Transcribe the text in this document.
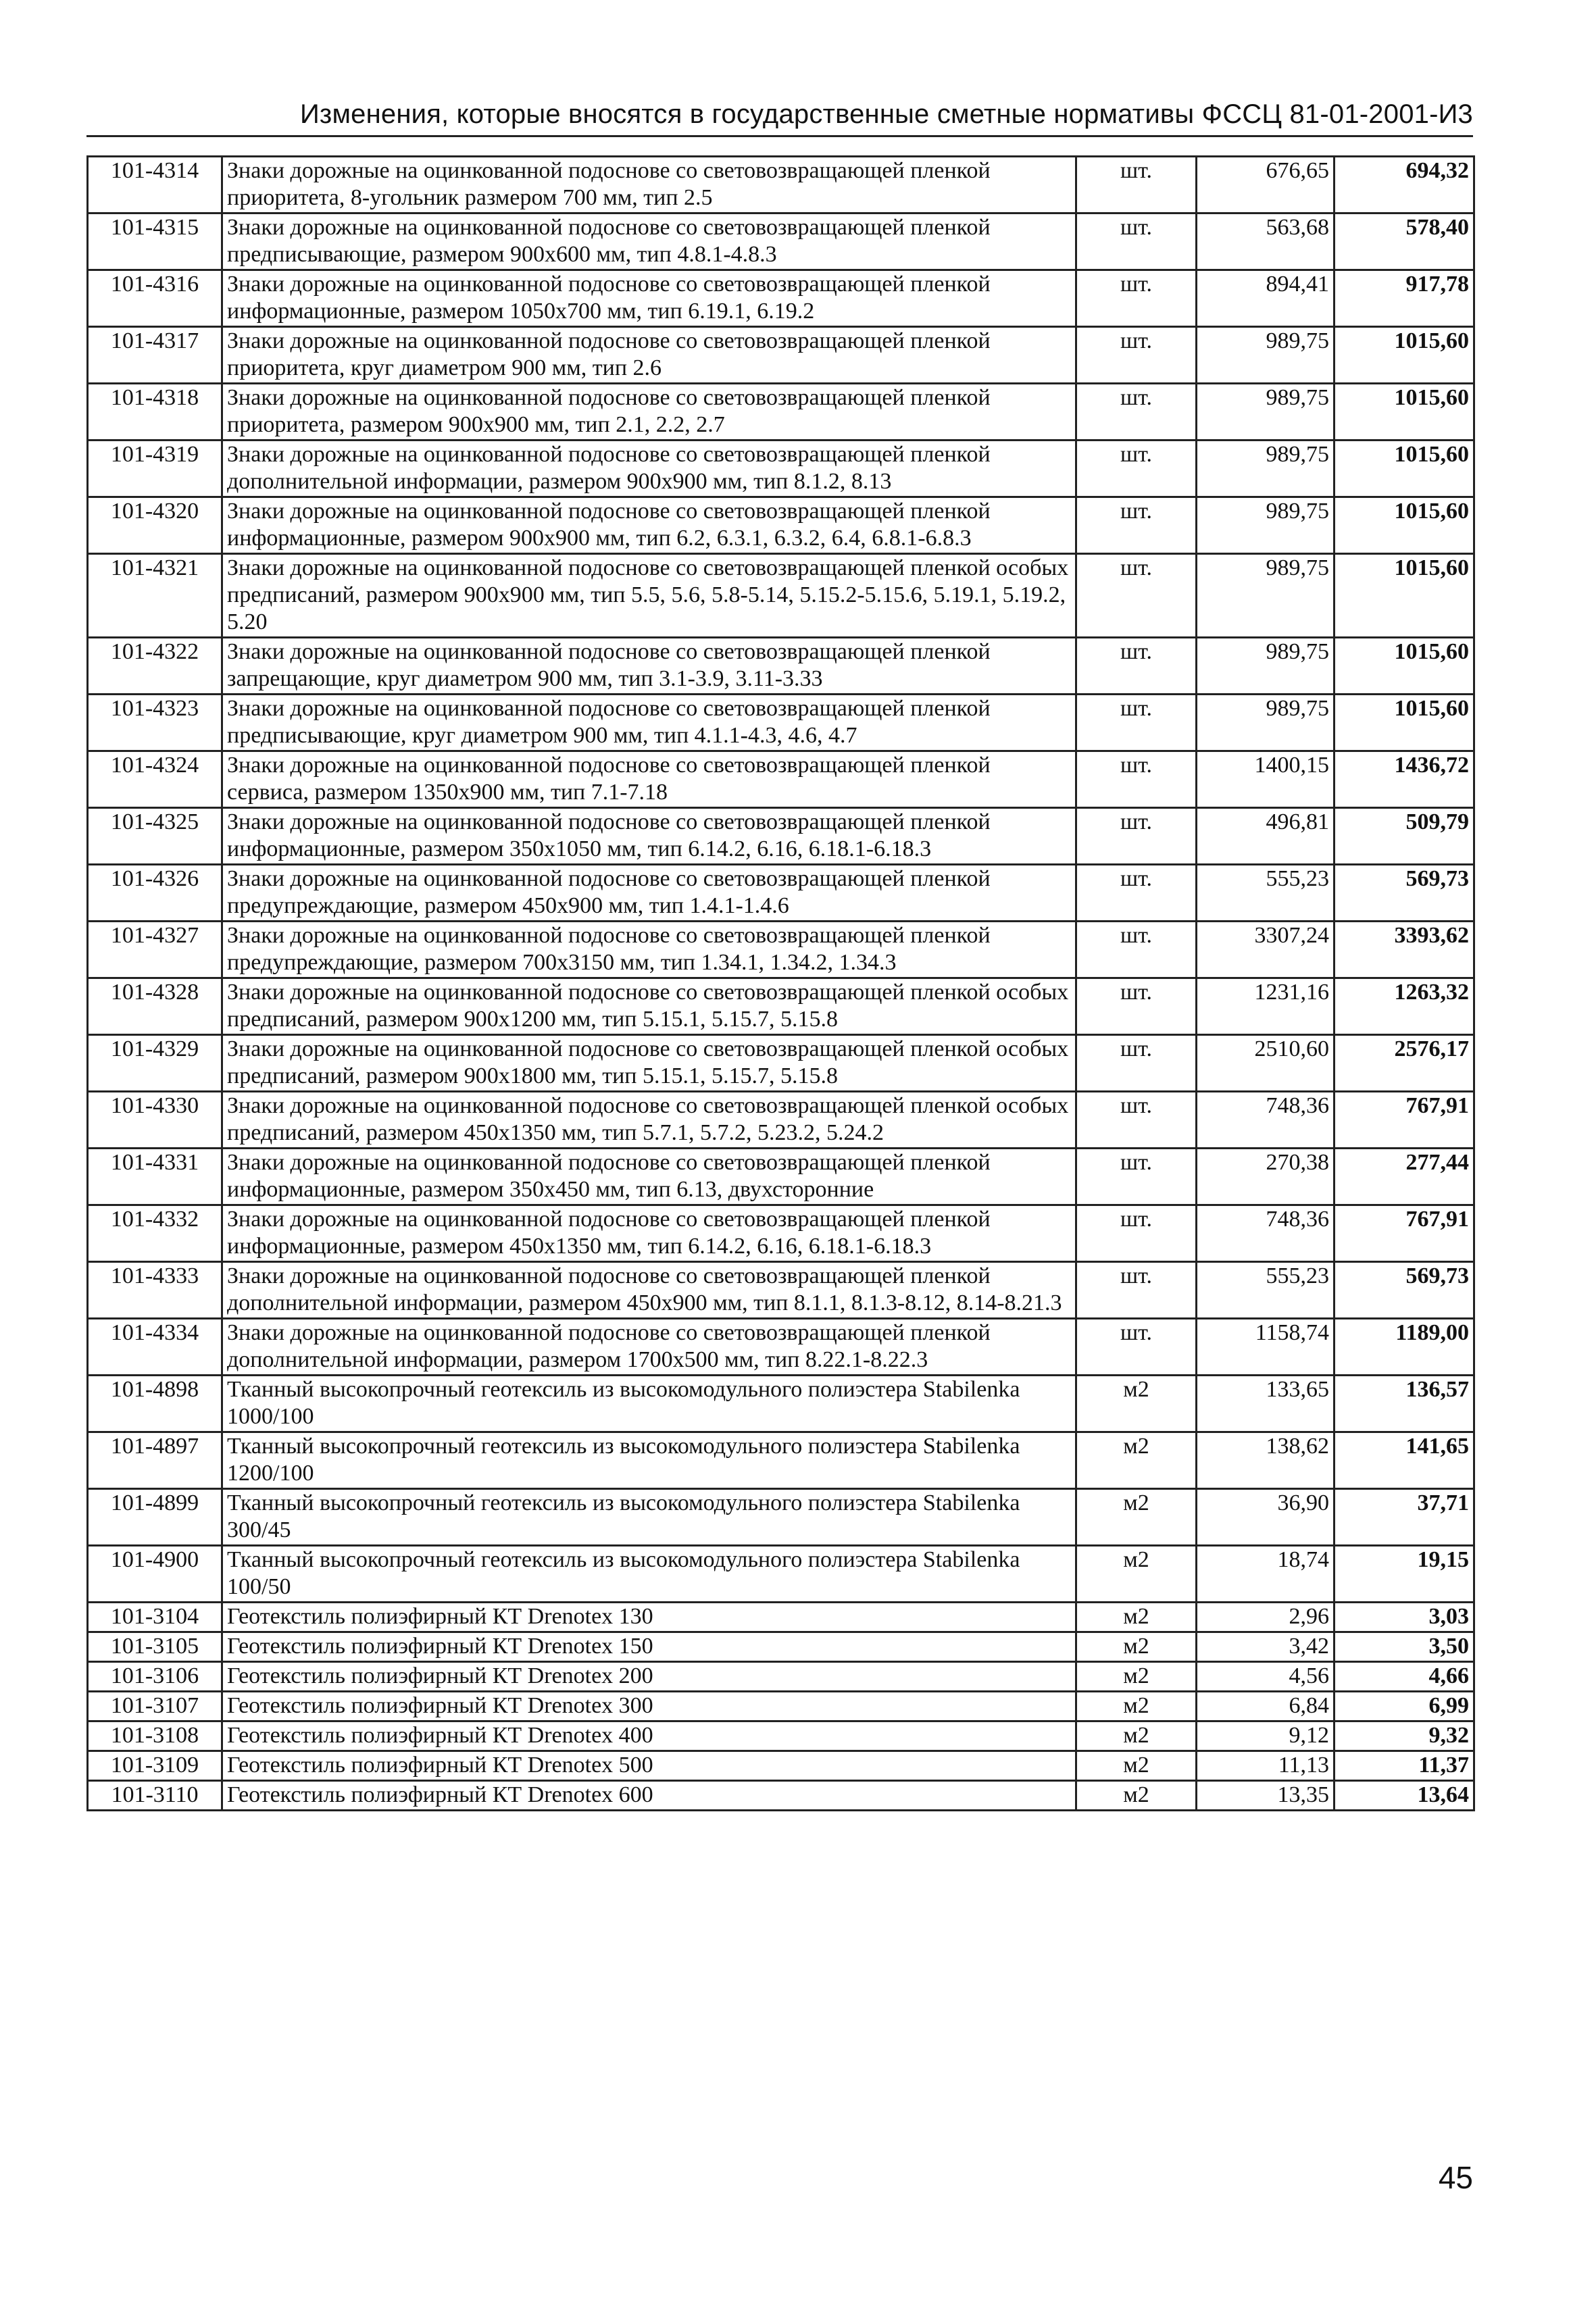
Изменения, которые вносятся в государственные сметные нормативы ФССЦ 81-01-2001-И3
101-4314	Знаки дорожные на оцинкованной подоснове со световозвращающей пленкой приоритета, 8-угольник размером 700 мм, тип 2.5	шт.	676,65	694,32
101-4315	Знаки дорожные на оцинкованной подоснове со световозвращающей пленкой предписывающие, размером 900х600 мм, тип 4.8.1-4.8.3	шт.	563,68	578,40
101-4316	Знаки дорожные на оцинкованной подоснове со световозвращающей пленкой информационные, размером 1050х700 мм, тип 6.19.1, 6.19.2	шт.	894,41	917,78
101-4317	Знаки дорожные на оцинкованной подоснове со световозвращающей пленкой приоритета, круг диаметром 900 мм, тип 2.6	шт.	989,75	1015,60
101-4318	Знаки дорожные на оцинкованной подоснове со световозвращающей пленкой приоритета, размером 900х900 мм, тип 2.1, 2.2, 2.7	шт.	989,75	1015,60
101-4319	Знаки дорожные на оцинкованной подоснове со световозвращающей пленкой дополнительной информации, размером 900х900 мм, тип 8.1.2, 8.13	шт.	989,75	1015,60
101-4320	Знаки дорожные на оцинкованной подоснове со световозвращающей пленкой информационные, размером 900х900 мм, тип 6.2, 6.3.1, 6.3.2, 6.4, 6.8.1-6.8.3	шт.	989,75	1015,60
101-4321	Знаки дорожные на оцинкованной подоснове со световозвращающей пленкой особых предписаний, размером 900х900 мм, тип 5.5, 5.6, 5.8-5.14, 5.15.2-5.15.6, 5.19.1, 5.19.2, 5.20	шт.	989,75	1015,60
101-4322	Знаки дорожные на оцинкованной подоснове со световозвращающей пленкой запрещающие, круг диаметром 900 мм, тип 3.1-3.9, 3.11-3.33	шт.	989,75	1015,60
101-4323	Знаки дорожные на оцинкованной подоснове со световозвращающей пленкой предписывающие, круг диаметром 900 мм, тип 4.1.1-4.3, 4.6, 4.7	шт.	989,75	1015,60
101-4324	Знаки дорожные на оцинкованной подоснове со световозвращающей пленкой сервиса, размером 1350х900 мм, тип 7.1-7.18	шт.	1400,15	1436,72
101-4325	Знаки дорожные на оцинкованной подоснове со световозвращающей пленкой информационные, размером 350х1050 мм, тип 6.14.2, 6.16, 6.18.1-6.18.3	шт.	496,81	509,79
101-4326	Знаки дорожные на оцинкованной подоснове со световозвращающей пленкой предупреждающие, размером 450х900 мм, тип 1.4.1-1.4.6	шт.	555,23	569,73
101-4327	Знаки дорожные на оцинкованной подоснове со световозвращающей пленкой предупреждающие, размером 700х3150 мм, тип 1.34.1, 1.34.2, 1.34.3	шт.	3307,24	3393,62
101-4328	Знаки дорожные на оцинкованной подоснове со световозвращающей пленкой особых предписаний, размером 900х1200 мм, тип 5.15.1, 5.15.7, 5.15.8	шт.	1231,16	1263,32
101-4329	Знаки дорожные на оцинкованной подоснове со световозвращающей пленкой особых предписаний, размером 900х1800 мм, тип 5.15.1, 5.15.7, 5.15.8	шт.	2510,60	2576,17
101-4330	Знаки дорожные на оцинкованной подоснове со световозвращающей пленкой особых предписаний, размером 450х1350 мм, тип 5.7.1, 5.7.2, 5.23.2, 5.24.2	шт.	748,36	767,91
101-4331	Знаки дорожные на оцинкованной подоснове со световозвращающей пленкой информационные, размером 350х450 мм, тип 6.13, двухсторонние	шт.	270,38	277,44
101-4332	Знаки дорожные на оцинкованной подоснове со световозвращающей пленкой информационные, размером 450х1350 мм, тип 6.14.2, 6.16, 6.18.1-6.18.3	шт.	748,36	767,91
101-4333	Знаки дорожные на оцинкованной подоснове со световозвращающей пленкой дополнительной информации, размером 450х900 мм, тип 8.1.1, 8.1.3-8.12, 8.14-8.21.3	шт.	555,23	569,73
101-4334	Знаки дорожные на оцинкованной подоснове со световозвращающей пленкой дополнительной информации, размером 1700х500 мм, тип 8.22.1-8.22.3	шт.	1158,74	1189,00
101-4898	Тканный высокопрочный геотексиль из высокомодульного полиэстера Stabilenka 1000/100	м2	133,65	136,57
101-4897	Тканный высокопрочный геотексиль из высокомодульного полиэстера Stabilenka 1200/100	м2	138,62	141,65
101-4899	Тканный высокопрочный геотексиль из высокомодульного полиэстера Stabilenka 300/45	м2	36,90	37,71
101-4900	Тканный высокопрочный геотексиль из высокомодульного полиэстера Stabilenka 100/50	м2	18,74	19,15
101-3104	Геотекстиль полиэфирный КТ Drenotex 130	м2	2,96	3,03
101-3105	Геотекстиль полиэфирный КТ Drenotex 150	м2	3,42	3,50
101-3106	Геотекстиль полиэфирный КТ Drenotex 200	м2	4,56	4,66
101-3107	Геотекстиль полиэфирный КТ Drenotex 300	м2	6,84	6,99
101-3108	Геотекстиль полиэфирный КТ Drenotex 400	м2	9,12	9,32
101-3109	Геотекстиль полиэфирный КТ Drenotex 500	м2	11,13	11,37
101-3110	Геотекстиль полиэфирный КТ Drenotex 600	м2	13,35	13,64
45
